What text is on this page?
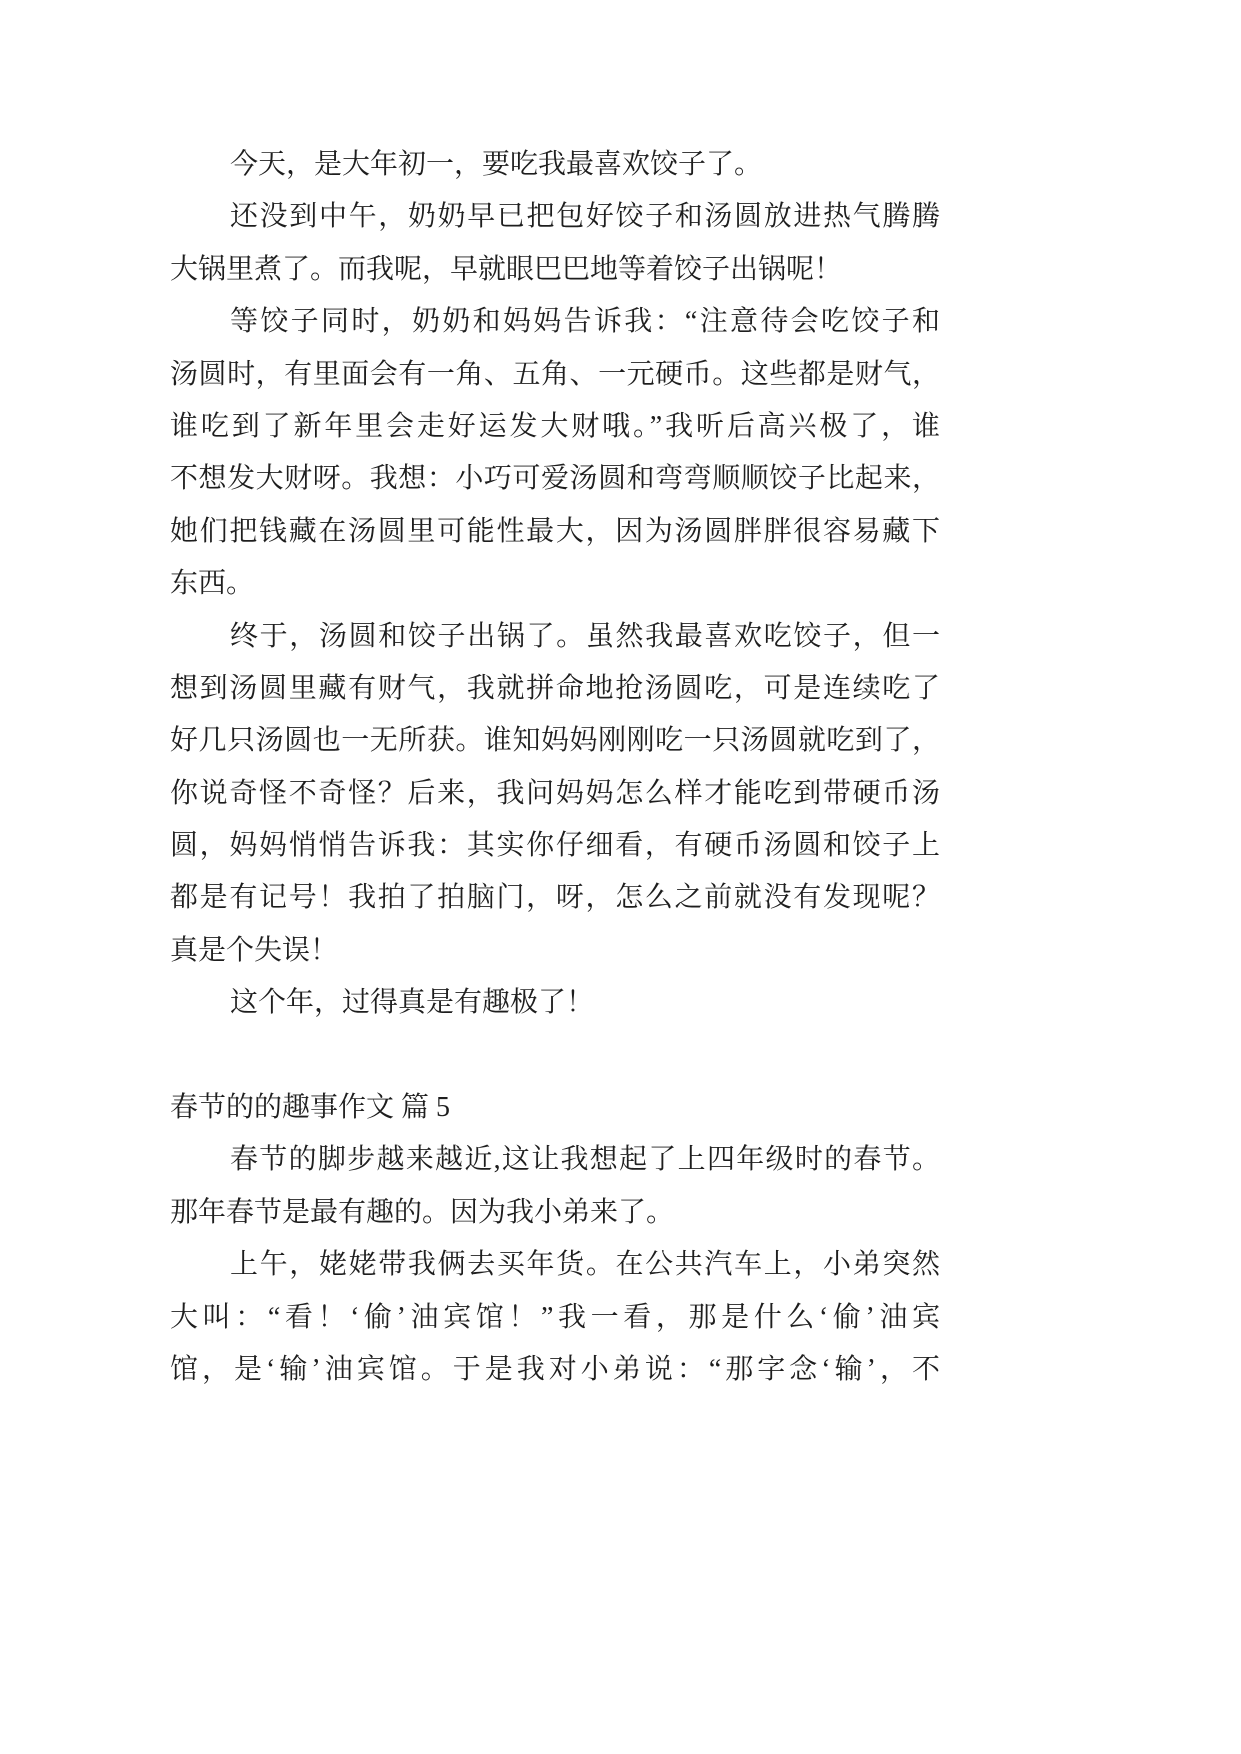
今天，是大年初一，要吃我最喜欢饺子了。
还没到中午，奶奶早已把包好饺子和汤圆放进热气腾腾
大锅里煮了。而我呢，早就眼巴巴地等着饺子出锅呢！
等饺子同时，奶奶和妈妈告诉我：“注意待会吃饺子和
汤圆时，有里面会有一角、五角、一元硬币。这些都是财气，
谁吃到了新年里会走好运发大财哦。”我听后高兴极了，谁
不想发大财呀。我想：小巧可爱汤圆和弯弯顺顺饺子比起来，
她们把钱藏在汤圆里可能性最大，因为汤圆胖胖很容易藏下
东西。
终于，汤圆和饺子出锅了。虽然我最喜欢吃饺子，但一
想到汤圆里藏有财气，我就拼命地抢汤圆吃，可是连续吃了
好几只汤圆也一无所获。谁知妈妈刚刚吃一只汤圆就吃到了，
你说奇怪不奇怪？后来，我问妈妈怎么样才能吃到带硬币汤
圆，妈妈悄悄告诉我：其实你仔细看，有硬币汤圆和饺子上
都是有记号！我拍了拍脑门，呀，怎么之前就没有发现呢？
真是个失误！
这个年，过得真是有趣极了！
春节的的趣事作文 篇 5
春节的脚步越来越近,这让我想起了上四年级时的春节。
那年春节是最有趣的。因为我小弟来了。
上午，姥姥带我俩去买年货。在公共汽车上，小弟突然
大叫：“看！‘偷’油宾馆！”我一看，那是什么‘偷’油宾
馆，是‘输’油宾馆。于是我对小弟说：“那字念‘输’，不
